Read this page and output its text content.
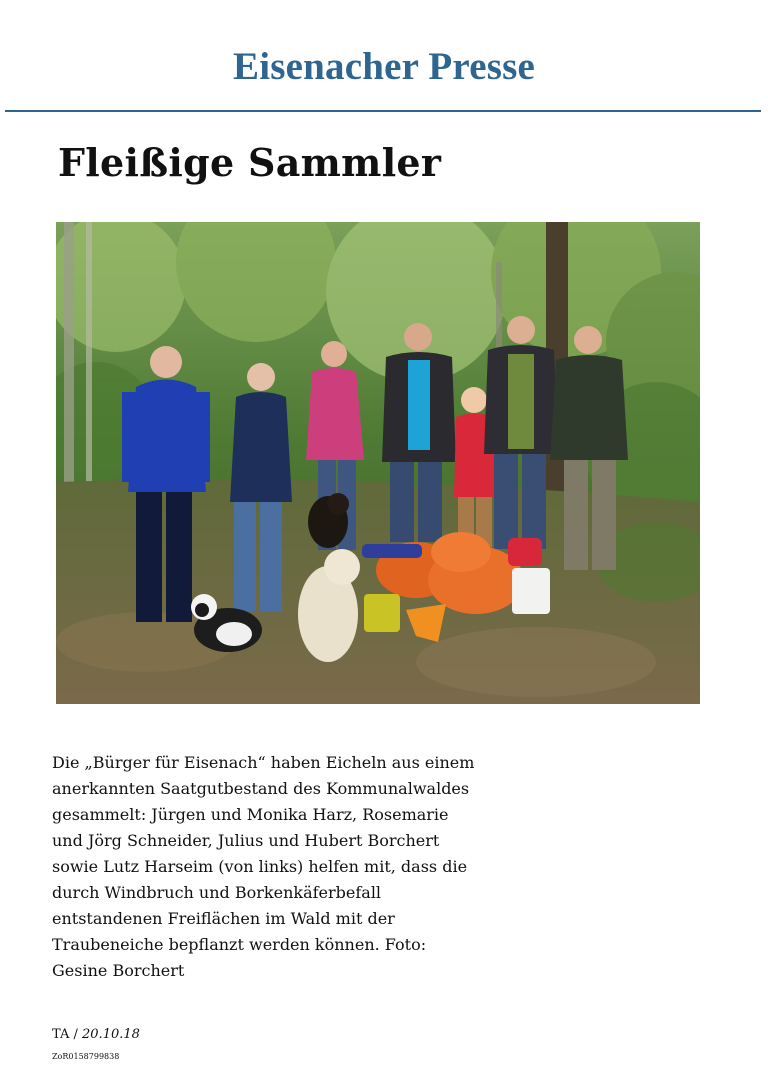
Eisenacher Presse
Fleißige Sammler
Die „Bürger für Eisenach“ haben Eicheln aus einem anerkannten Saatgutbestand des Kommunalwaldes gesammelt: Jürgen und Monika Harz, Rosemarie und Jörg Schneider, Julius und Hubert Borchert sowie Lutz Harseim (von links) helfen mit, dass die durch Windbruch und Borkenkäferbefall entstandenen Freiflächen im Wald mit der Traubeneiche bepflanzt werden können. Foto: Gesine Borchert
TA / 20.10.18
ZoR0158799838
